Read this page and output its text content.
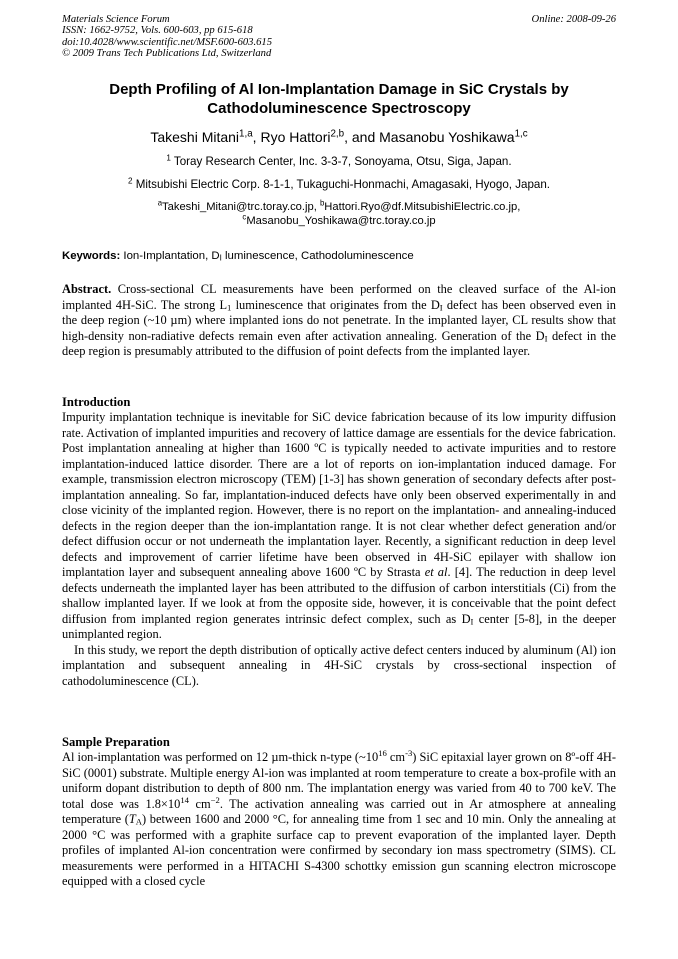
Materials Science Forum
ISSN: 1662-9752, Vols. 600-603, pp 615-618
doi:10.4028/www.scientific.net/MSF.600-603.615
© 2009 Trans Tech Publications Ltd, Switzerland
Online: 2008-09-26
Depth Profiling of Al Ion-Implantation Damage in SiC Crystals by
Cathodoluminescence Spectroscopy
Takeshi Mitani$^{1,a}$, Ryo Hattori$^{2,b}$, and Masanobu Yoshikawa$^{1,c}$
$^1$ Toray Research Center, Inc. 3-3-7, Sonoyama, Otsu, Siga, Japan.
$^2$ Mitsubishi Electric Corp. 8-1-1, Tukaguchi-Honmachi, Amagasaki, Hyogo, Japan.
$^a$Takeshi_Mitani@trc.toray.co.jp, $^b$Hattori.Ryo@df.MitsubishiElectric.co.jp,
$^c$Masanobu_Yoshikawa@trc.toray.co.jp
Keywords: Ion-Implantation, $D_I$ luminescence, Cathodoluminescence
Abstract. Cross-sectional CL measurements have been performed on the cleaved surface of the Al-ion implanted 4H-SiC. The strong $L_1$ luminescence that originates from the $D_I$ defect has been observed even in the deep region (~10 µm) where implanted ions do not penetrate. In the implanted layer, CL results show that high-density non-radiative defects remain even after activation annealing. Generation of the $D_I$ defect in the deep region is presumably attributed to the diffusion of point defects from the implanted layer.
Introduction

Impurity implantation technique is inevitable for SiC device fabrication because of its low impurity diffusion rate. Activation of implanted impurities and recovery of lattice damage are essentials for the device fabrication. Post implantation annealing at higher than 1600 ºC is typically needed to activate impurities and to restore implantation-induced lattice disorder. There are a lot of reports on ion-implantation induced damage. For example, transmission electron microscopy (TEM) [1-3] has shown generation of secondary defects after post-implantation annealing. So far, implantation-induced defects have only been observed experimentally in and close vicinity of the implanted region. However, there is no report on the implantation- and annealing-induced defects in the region deeper than the ion-implantation range. It is not clear whether defect generation and/or defect diffusion occur or not underneath the implantation layer. Recently, a significant reduction in deep level defects and improvement of carrier lifetime have been observed in 4H-SiC epilayer with shallow ion implantation layer and subsequent annealing above 1600 ºC by Strasta et al. [4]. The reduction in deep level defects underneath the implanted layer has been attributed to the diffusion of carbon interstitials (Ci) from the shallow implanted layer. If we look at from the opposite side, however, it is conceivable that the point defect diffusion from implanted region generates intrinsic defect complex, such as $D_I$ center [5-8], in the deeper unimplanted region.

In this study, we report the depth distribution of optically active defect centers induced by aluminum (Al) ion implantation and subsequent annealing in 4H-SiC crystals by cross-sectional inspection of cathodoluminescence (CL).

Sample Preparation
Al ion-implantation was performed on 12 µm-thick n-type ($\sim 10^{16}$ $cm^{-3}$) SiC epitaxial layer grown on 8º-off 4H-SiC (0001) substrate. Multiple energy Al-ion was implanted at room temperature to create a box-profile with an uniform dopant distribution to depth of 800 nm. The implantation energy was varied from 40 to 700 keV. The total dose was $1.8\times 10^{14}$ $cm^{-2}$. The activation annealing was carried out in Ar atmosphere at annealing temperature $(T_A)$ between 1600 and 2000 °C, for annealing time from 1 sec and 10 min. Only the annealing at 2000 °C was performed with a graphite surface cap to prevent evaporation of the implanted layer. Depth profiles of implanted Al-ion concentration were confirmed by secondary ion mass spectrometry (SIMS). CL measurements were performed in a HITACHI S-4300 schottky emission gun scanning electron microscope equipped with a closed cycle
